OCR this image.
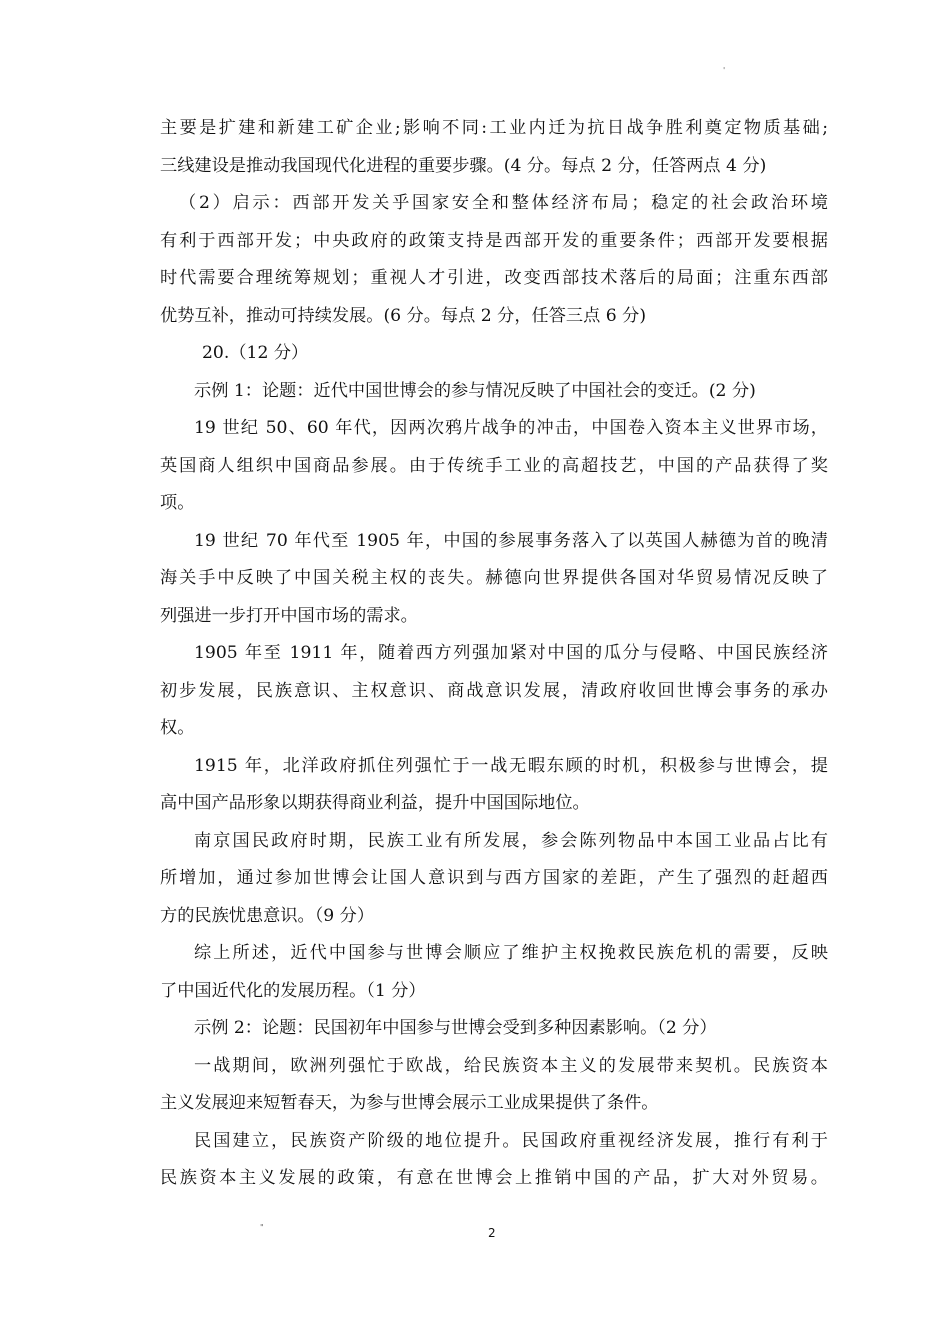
'
主要是扩建和新建工矿企业;影响不同:工业内迁为抗日战争胜利奠定物质基础;
三线建设是推动我国现代化进程的重要步骤。(4 分。每点 2 分，任答两点 4 分)
（2）启示：西部开发关乎国家安全和整体经济布局；稳定的社会政治环境
有利于西部开发；中央政府的政策支持是西部开发的重要条件；西部开发要根据
时代需要合理统筹规划；重视人才引进，改变西部技术落后的局面；注重东西部
优势互补，推动可持续发展。(6 分。每点 2 分，任答三点 6 分)
20.（12 分）
示例 1：论题：近代中国世博会的参与情况反映了中国社会的变迁。(2 分)
19 世纪 50、60 年代，因两次鸦片战争的冲击，中国卷入资本主义世界市场，
英国商人组织中国商品参展。由于传统手工业的高超技艺，中国的产品获得了奖
项。
19 世纪 70 年代至 1905 年，中国的参展事务落入了以英国人赫德为首的晚清
海关手中反映了中国关税主权的丧失。赫德向世界提供各国对华贸易情况反映了
列强进一步打开中国市场的需求。
1905 年至 1911 年，随着西方列强加紧对中国的瓜分与侵略、中国民族经济
初步发展，民族意识、主权意识、商战意识发展，清政府收回世博会事务的承办
权。
1915 年，北洋政府抓住列强忙于一战无暇东顾的时机，积极参与世博会，提
高中国产品形象以期获得商业利益，提升中国国际地位。
南京国民政府时期，民族工业有所发展，参会陈列物品中本国工业品占比有
所增加，通过参加世博会让国人意识到与西方国家的差距，产生了强烈的赶超西
方的民族忧患意识。（9 分）
综上所述，近代中国参与世博会顺应了维护主权挽救民族危机的需要，反映
了中国近代化的发展历程。（1 分）
示例 2：论题：民国初年中国参与世博会受到多种因素影响。（2 分）
一战期间，欧洲列强忙于欧战，给民族资本主义的发展带来契机。民族资本
主义发展迎来短暂春天，为参与世博会展示工业成果提供了条件。
民国建立，民族资产阶级的地位提升。民国政府重视经济发展，推行有利于
民族资本主义发展的政策，有意在世博会上推销中国的产品，扩大对外贸易。
"	2
